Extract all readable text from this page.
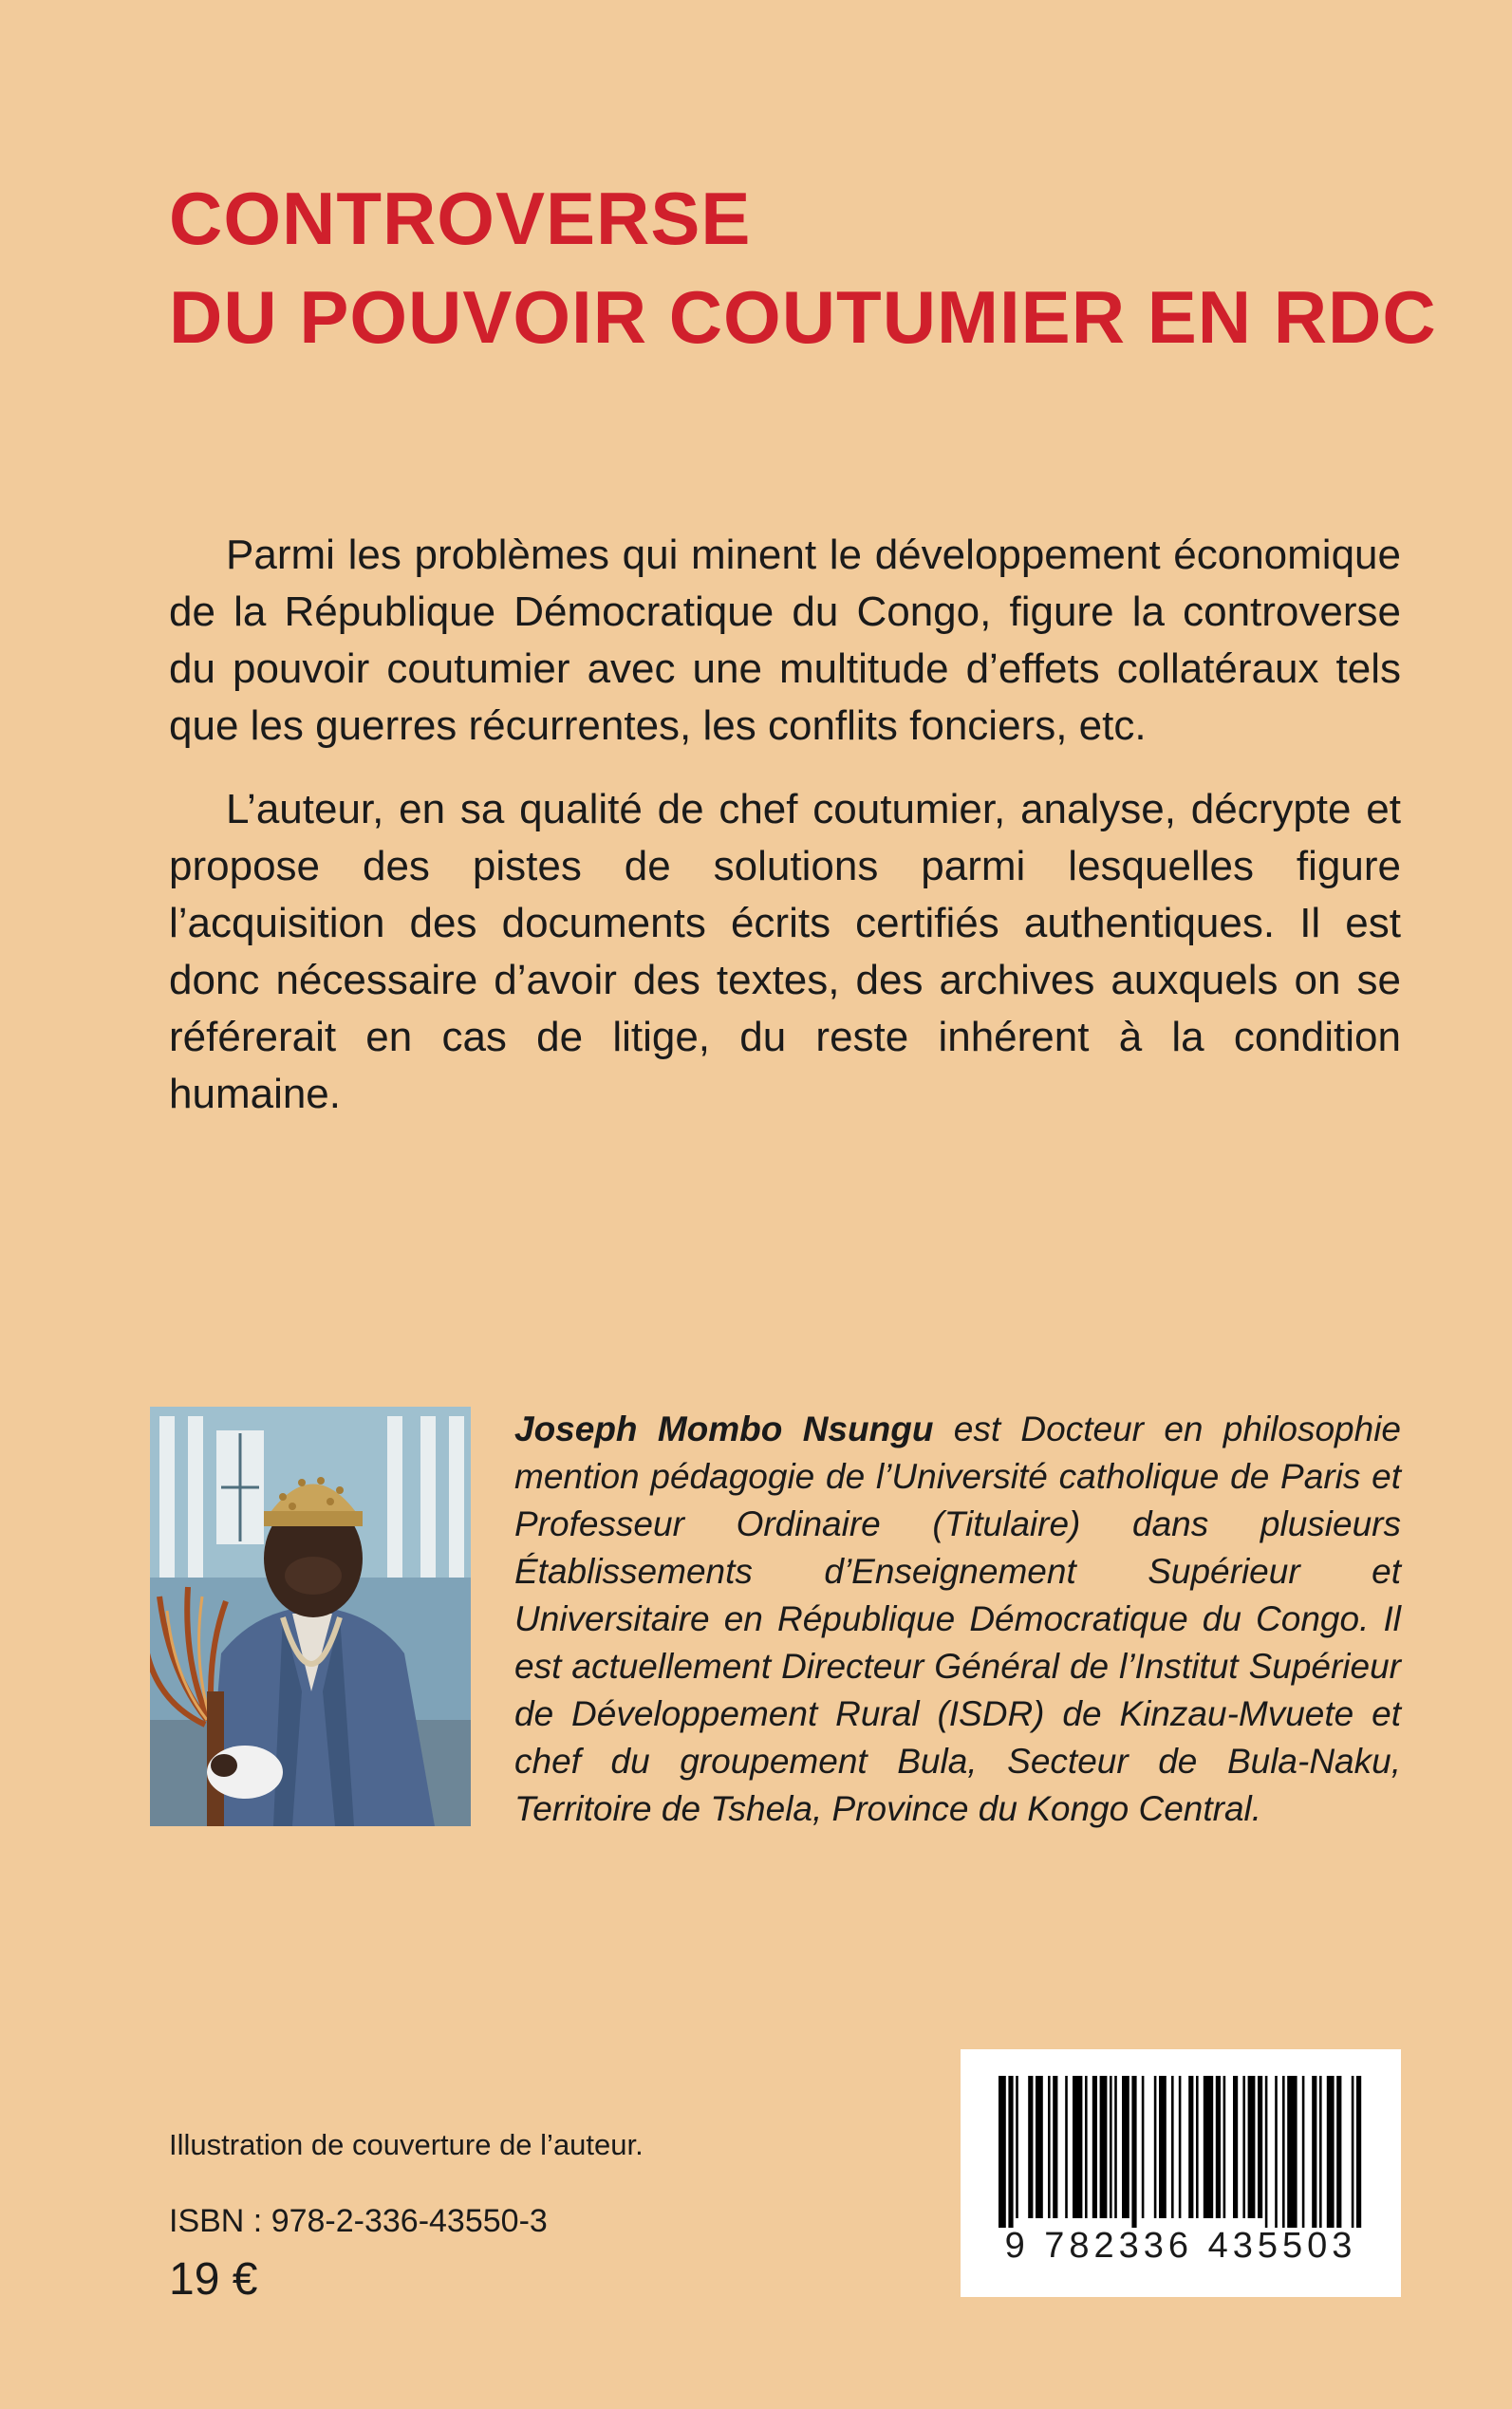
CONTROVERSE
DU POUVOIR COUTUMIER EN RDC

Parmi les problèmes qui minent le développement économique de la République Démocratique du Congo, figure la controverse du pouvoir coutumier avec une multitude d’effets collatéraux tels que les guerres récurrentes, les conflits fonciers, etc.

L’auteur, en sa qualité de chef coutumier, analyse, décrypte et propose des pistes de solutions parmi lesquelles figure l’acquisition des documents écrits certifiés authentiques. Il est donc nécessaire d’avoir des textes, des archives auxquels on se référerait en cas de litige, du reste inhérent à la condition humaine.

Joseph Mombo Nsungu est Docteur en philosophie mention pédagogie de l’Université catholique de Paris et Professeur Ordinaire (Titulaire) dans plusieurs Établissements d’Enseignement Supérieur et Universitaire en République Démocratique du Congo. Il est actuellement Directeur Général de l’Institut Supérieur de Développement Rural (ISDR) de Kinzau-Mvuete et chef du groupement Bula, Secteur de Bula-Naku, Territoire de Tshela, Province du Kongo Central.
Illustration de couverture de l’auteur.
ISBN : 978-2-336-43550-3
19 €
9 782336 435503
